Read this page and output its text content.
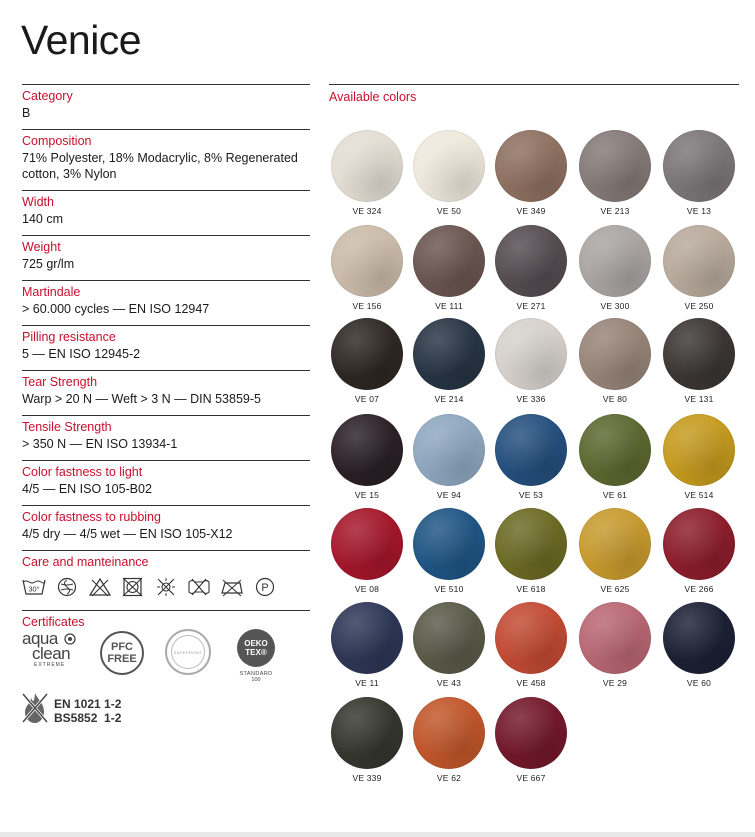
Venice
Category
B
Composition
71% Polyester, 18% Modacrylic, 8% Regenerated cotton, 3% Nylon
Width
140 cm
Weight
725 gr/lm
Martindale
> 60.000 cycles — EN ISO 12947
Pilling resistance
5 — EN ISO 12945-2
Tear Strength
Warp > 20 N — Weft > 3 N — DIN 53859-5
Tensile Strength
> 350 N — EN ISO 13934-1
Color fastness to light
4/5 — EN ISO 105-B02
Color fastness to rubbing
4/5 dry — 4/5 wet — EN ISO 105-X12
Care and manteinance
30°	P
Certificates
aqua
clean
EXTREME
PFC
FREE
SAFEFRONT
OEKO
TEX®
STANDARD
100
EN 1021 1-2
BS5852  1-2
Available colors
VE 324	VE 50	VE 349	VE 213	VE 13
VE 156	VE 111	VE 271	VE 300	VE 250
VE 07	VE 214	VE 336	VE 80	VE 131
VE 15	VE 94	VE 53	VE 61	VE 514
VE 08	VE 510	VE 618	VE 625	VE 266
VE 11	VE 43	VE 458	VE 29	VE 60
VE 339	VE 62	VE 667
